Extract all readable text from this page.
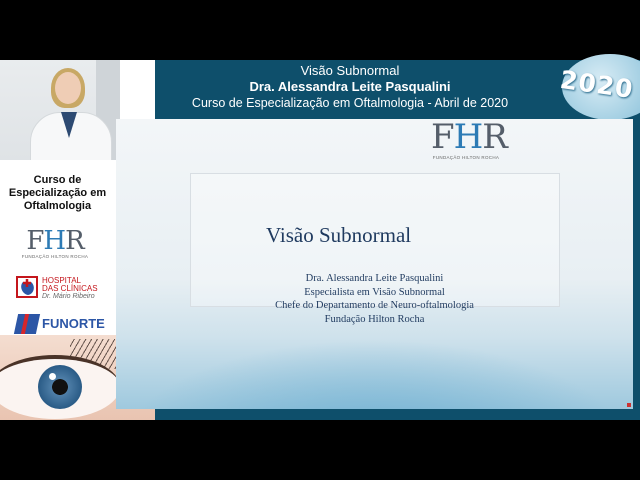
Curso de Especialização em Oftalmologia
FHR
FUNDAÇÃO HILTON ROCHA
HOSPITAL
DAS CLÍNICAS
Dr. Mário Ribeiro
FUNORTE
Visão Subnormal
Dra. Alessandra Leite Pasqualini
Curso de Especialização em Oftalmologia - Abril de 2020	2020
FHR
FUNDAÇÃO HILTON ROCHA
Visão Subnormal
Dra. Alessandra Leite Pasqualini
Especialista em Visão Subnormal
Chefe do Departamento de Neuro-oftalmologia
Fundação Hilton Rocha
